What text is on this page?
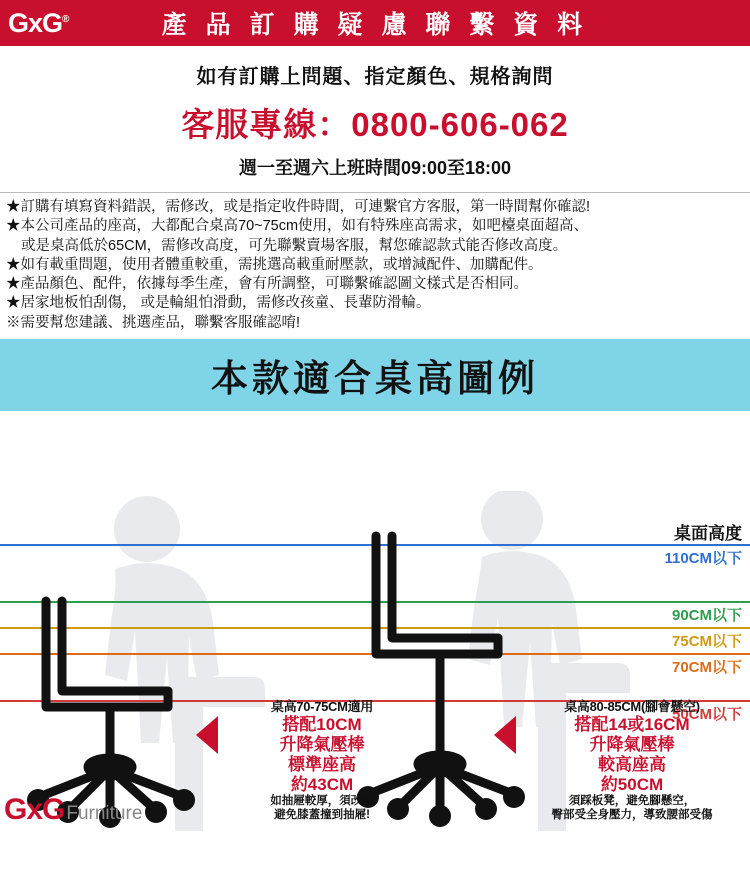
GxG®	產 品 訂 購 疑 慮 聯 繫 資 料
如有訂購上問題、指定顏色、規格詢問
客服專線：0800-606-062
週一至週六上班時間09:00至18:00
★訂購有填寫資料錯誤，需修改，或是指定收件時間，可連繫官方客服，第一時間幫你確認!
★本公司產品的座高，大都配合桌高70~75cm使用，如有特殊座高需求，如吧檯桌面超高、
或是桌高低於65CM，需修改高度，可先聯繫賣場客服，幫您確認款式能否修改高度。
★如有載重問題，使用者體重較重，需挑選高載重耐壓款，或增減配件、加購配件。
★產品顏色、配件，依據每季生產，會有所調整，可聯繫確認圖文樣式是否相同。
★居家地板怕刮傷， 或是輪組怕滑動，需修改孩童、長輩防滑輪。
※需要幫您建議、挑選產品，聯繫客服確認唷!
本款適合桌高圖例
桌面高度
110CM以下
90CM以下
75CM以下
70CM以下
50CM以下
桌高70-75CM適用
搭配10CM
升降氣壓棒
標準座高
約43CM
如抽屜較厚，須改矮
避免膝蓋撞到抽屜!
桌高80-85CM(腳會懸空)
搭配14或16CM
升降氣壓棒
較高座高
約50CM
須踩板凳，避免腳懸空，
臀部受全身壓力，導致腰部受傷
GxG Furniture
